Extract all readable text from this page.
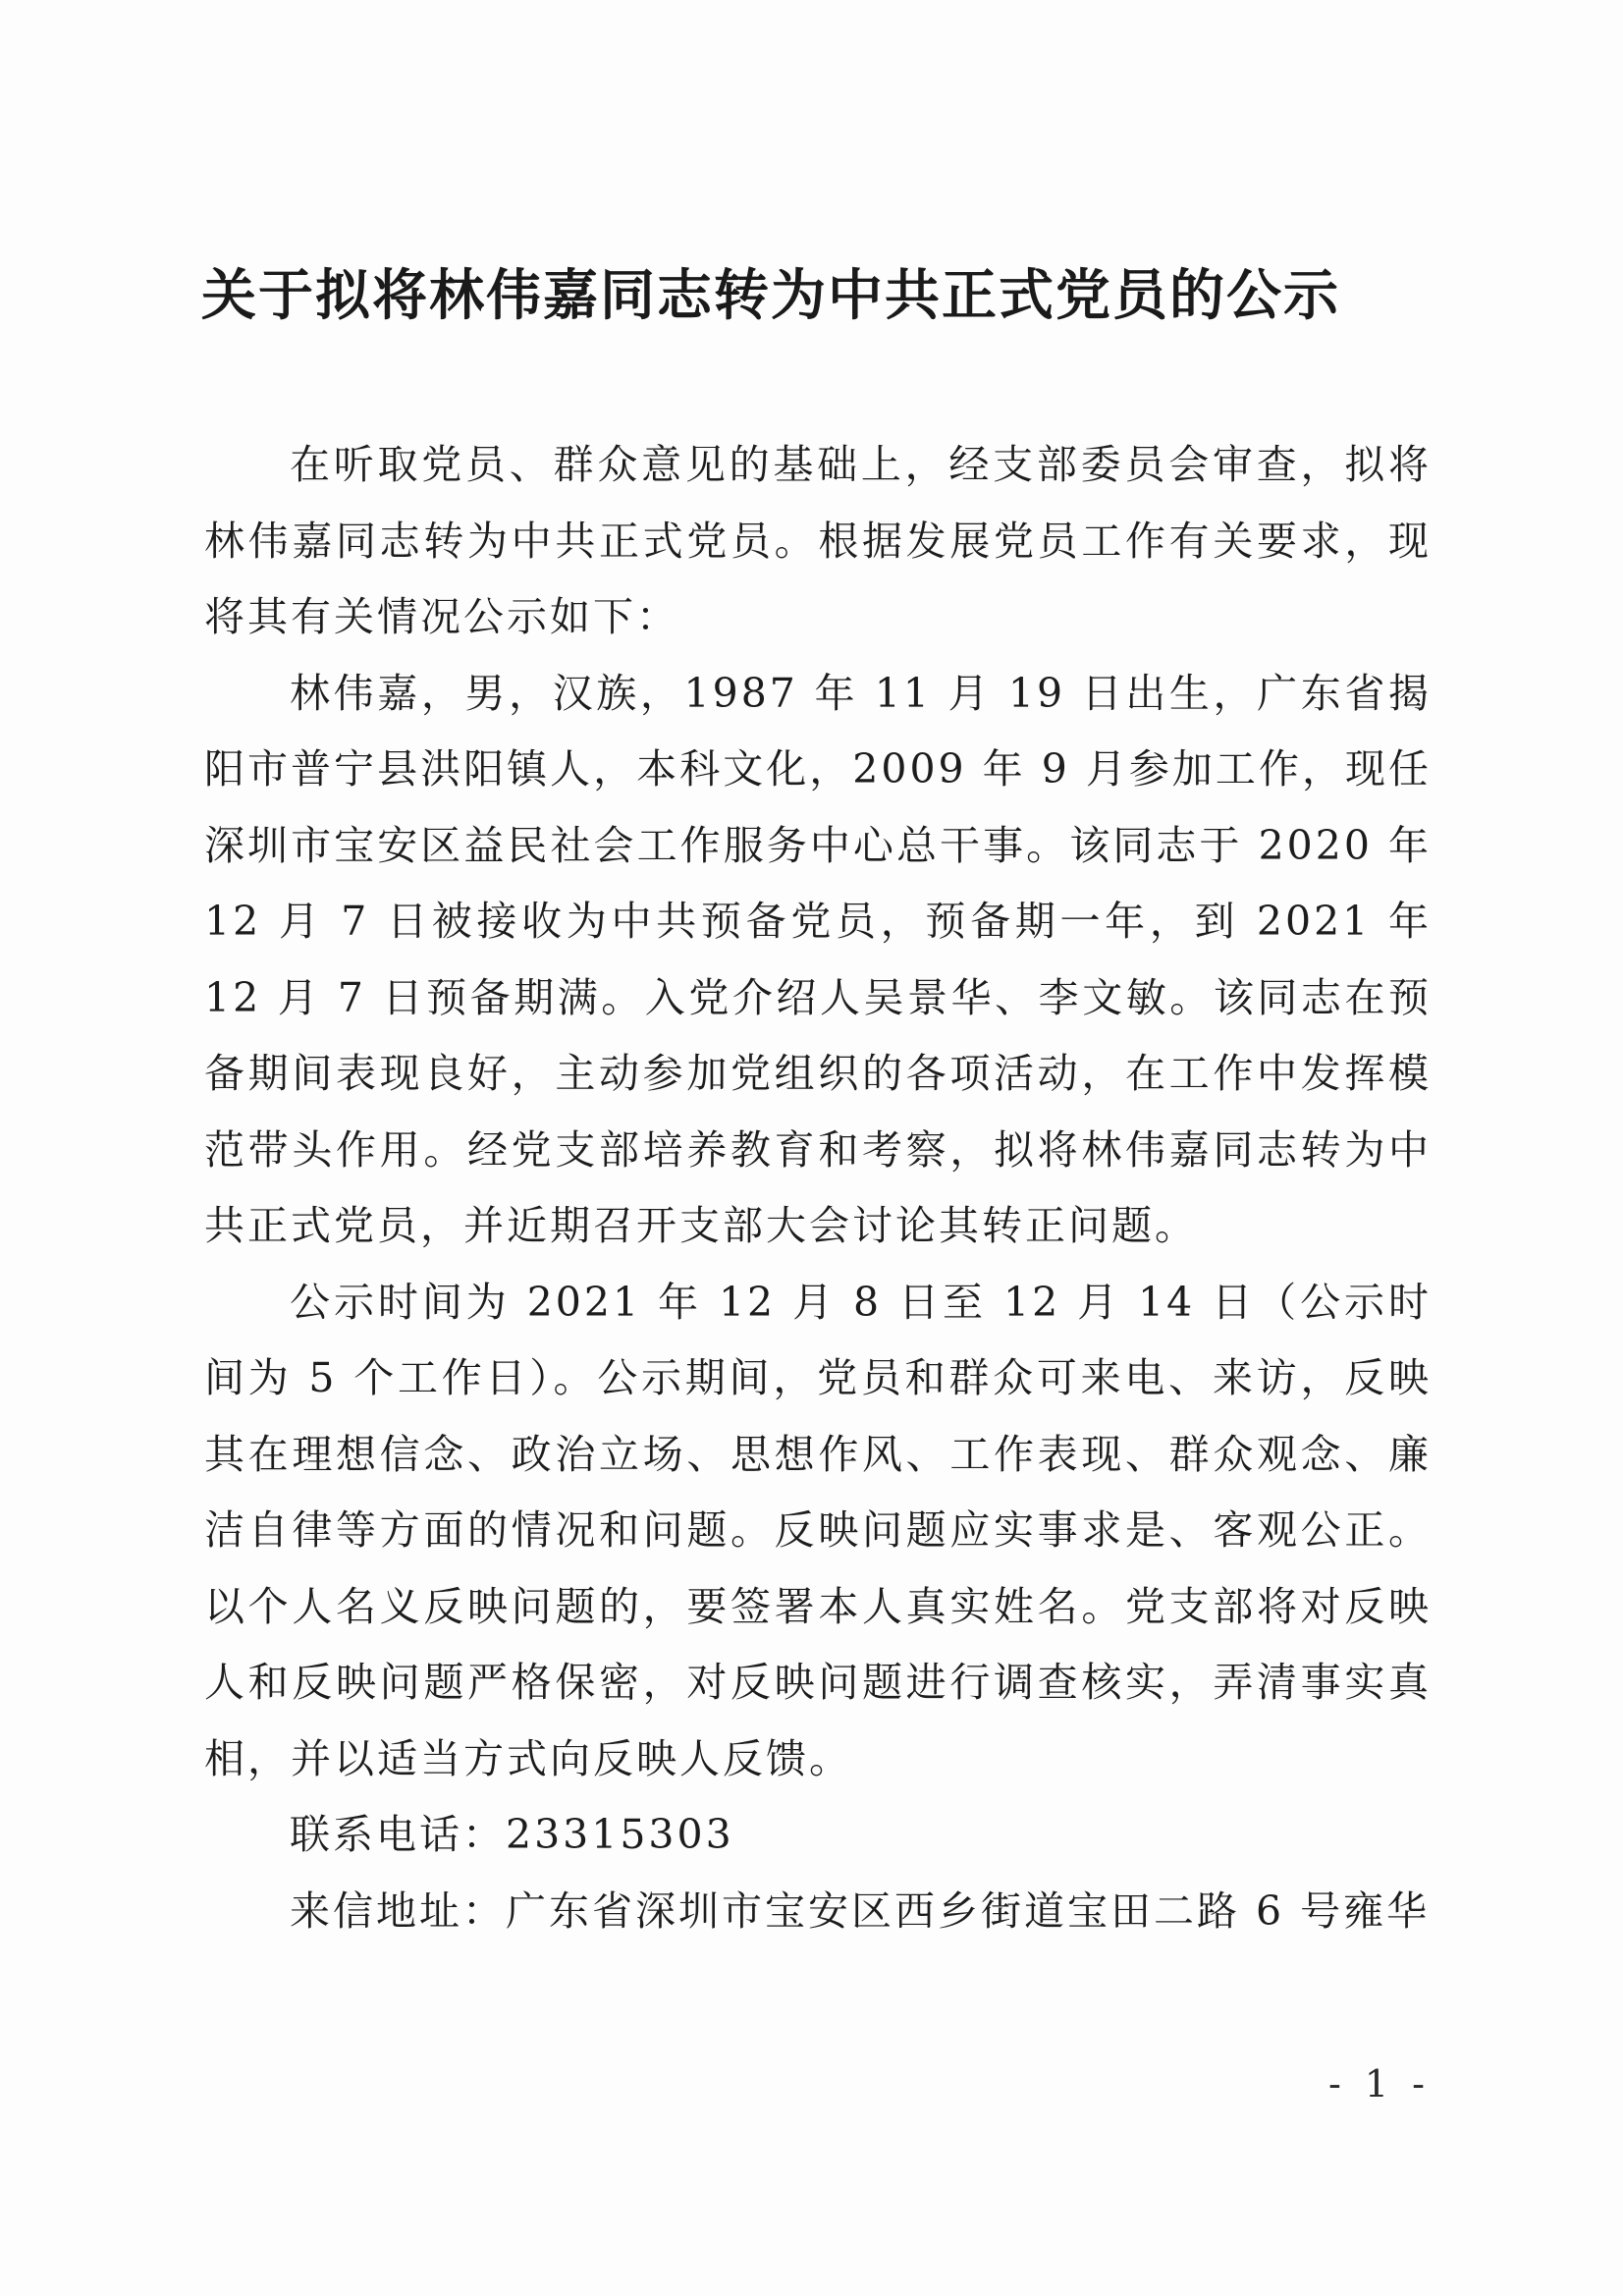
关于拟将林伟嘉同志转为中共正式党员的公示

在听取党员、群众意见的基础上，经支部委员会审查，拟将林伟嘉同志转为中共正式党员。根据发展党员工作有关要求，现将其有关情况公示如下：

林伟嘉，男，汉族，1987 年 11 月 19 日出生，广东省揭阳市普宁县洪阳镇人，本科文化，2009 年 9 月参加工作，现任深圳市宝安区益民社会工作服务中心总干事。该同志于 2020 年 12 月 7 日被接收为中共预备党员，预备期一年，到 2021 年 12 月 7 日预备期满。入党介绍人吴景华、李文敏。该同志在预备期间表现良好，主动参加党组织的各项活动，在工作中发挥模范带头作用。经党支部培养教育和考察，拟将林伟嘉同志转为中共正式党员，并近期召开支部大会讨论其转正问题。

公示时间为 2021 年 12 月 8 日至 12 月 14 日（公示时间为 5 个工作日）。公示期间，党员和群众可来电、来访，反映其在理想信念、政治立场、思想作风、工作表现、群众观念、廉洁自律等方面的情况和问题。反映问题应实事求是、客观公正。以个人名义反映问题的，要签署本人真实姓名。党支部将对反映人和反映问题严格保密，对反映问题进行调查核实，弄清事实真相，并以适当方式向反映人反馈。

联系电话：23315303

来信地址：广东省深圳市宝安区西乡街道宝田二路 6 号雍华

- 1 -
